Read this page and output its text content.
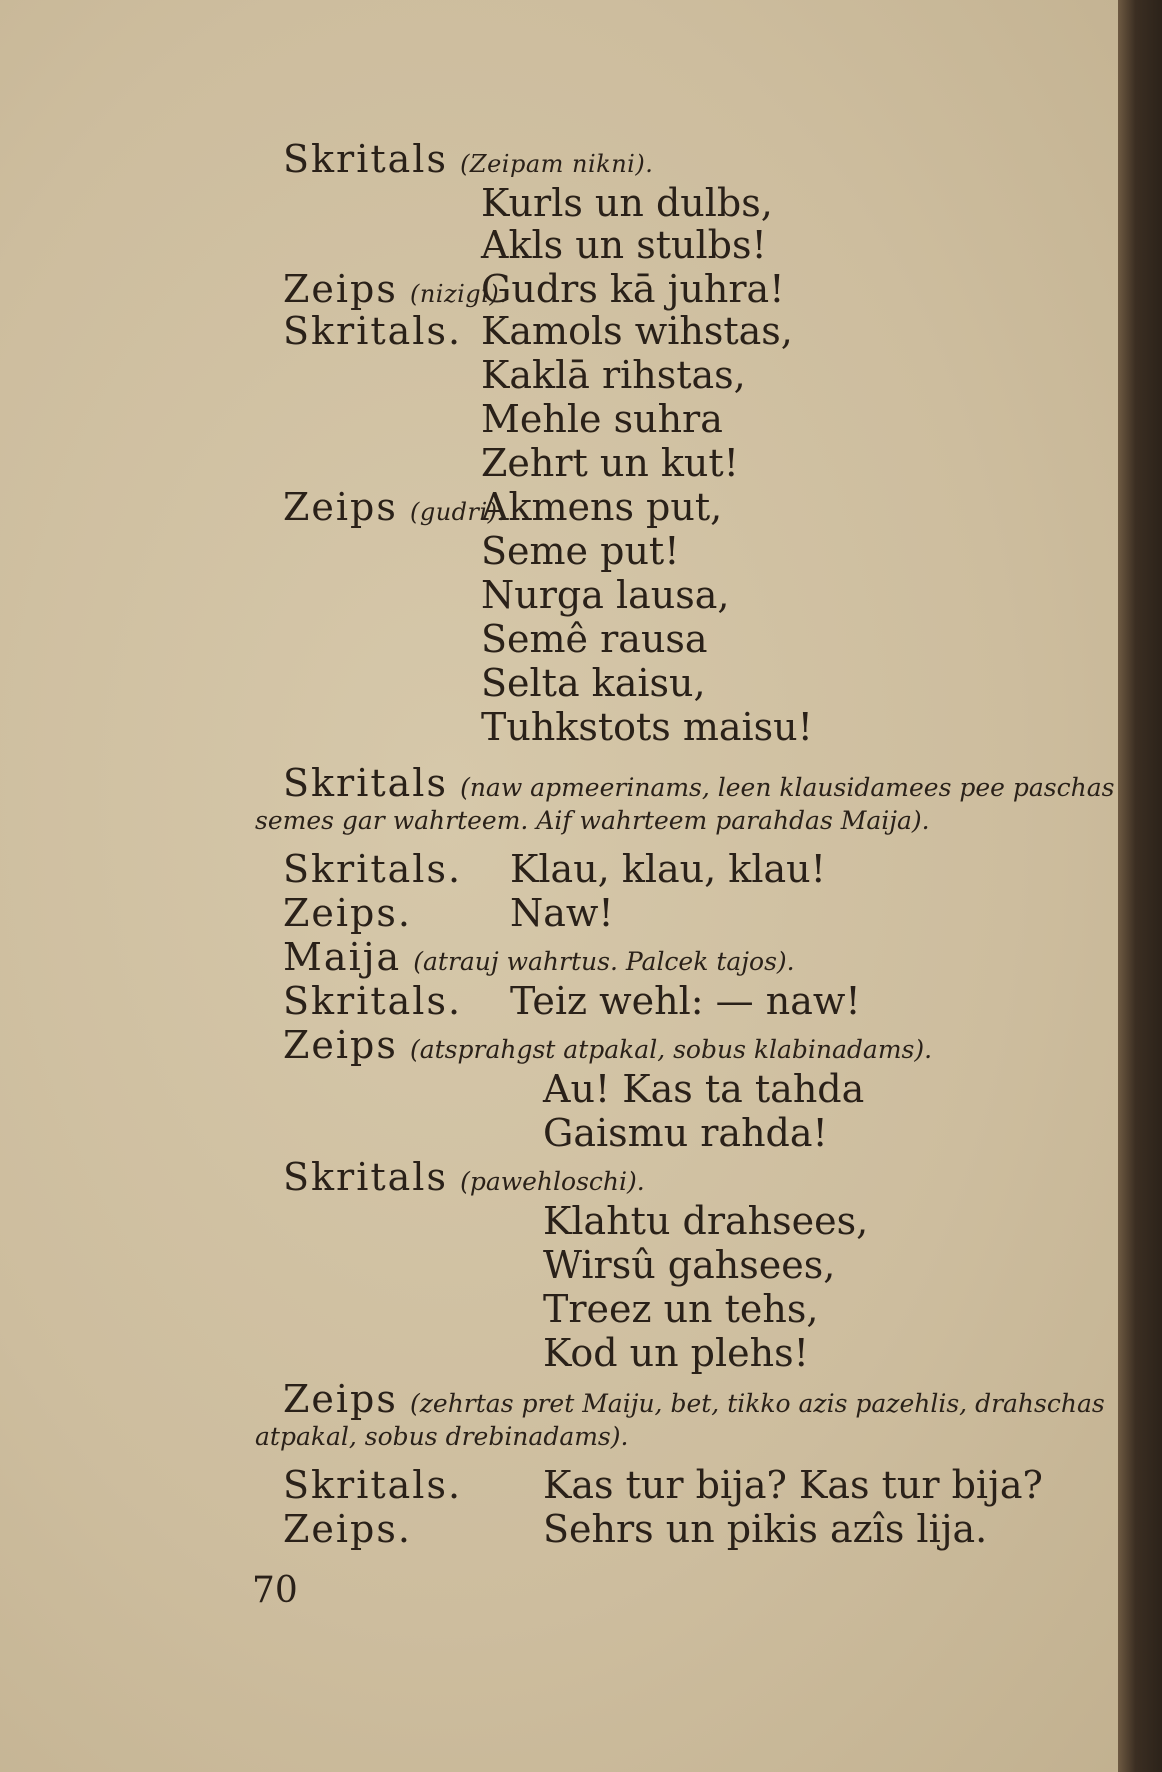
Skritals (Zeipam nikni).
Kurls un dulbs,
Akls un stulbs!
Zeips (nizigi).
Gudrs kā juhra!
Skritals. Kamols wihstas,
Kaklā rihstas,
Mehle suhra
Zehrt un kut!
Zeips (gudri).
Akmens put,
Seme put!
Nurga lausa,
Semê rausa
Selta kaisu,
Tuhkstots maisu!
Skritals (naw apmeerinams, leen klausidamees pee paschas
semes gar wahrteem. Aif wahrteem parahdas Maija).
Skritals. Klau, klau, klau!
Zeips.	Naw!
Maija (atrauj wahrtus. Palcek tajos).
Skritals. Teiz wehl: — naw!
Zeips (atsprahgst atpakal, sobus klabinadams).
Au! Kas ta tahda
Gaismu rahda!
Skritals (pawehloschi).
Klahtu drahsees,
Wirsû gahsees,
Treez un tehs,
Kod un plehs!
Zeips (zehrtas pret Maiju, bet, tikko azis pazehlis, drahschas
atpakal, sobus drebinadams).
Skritals. Kas tur bija? Kas tur bija?
Zeips.	Sehrs un pikis azîs lija.
70
